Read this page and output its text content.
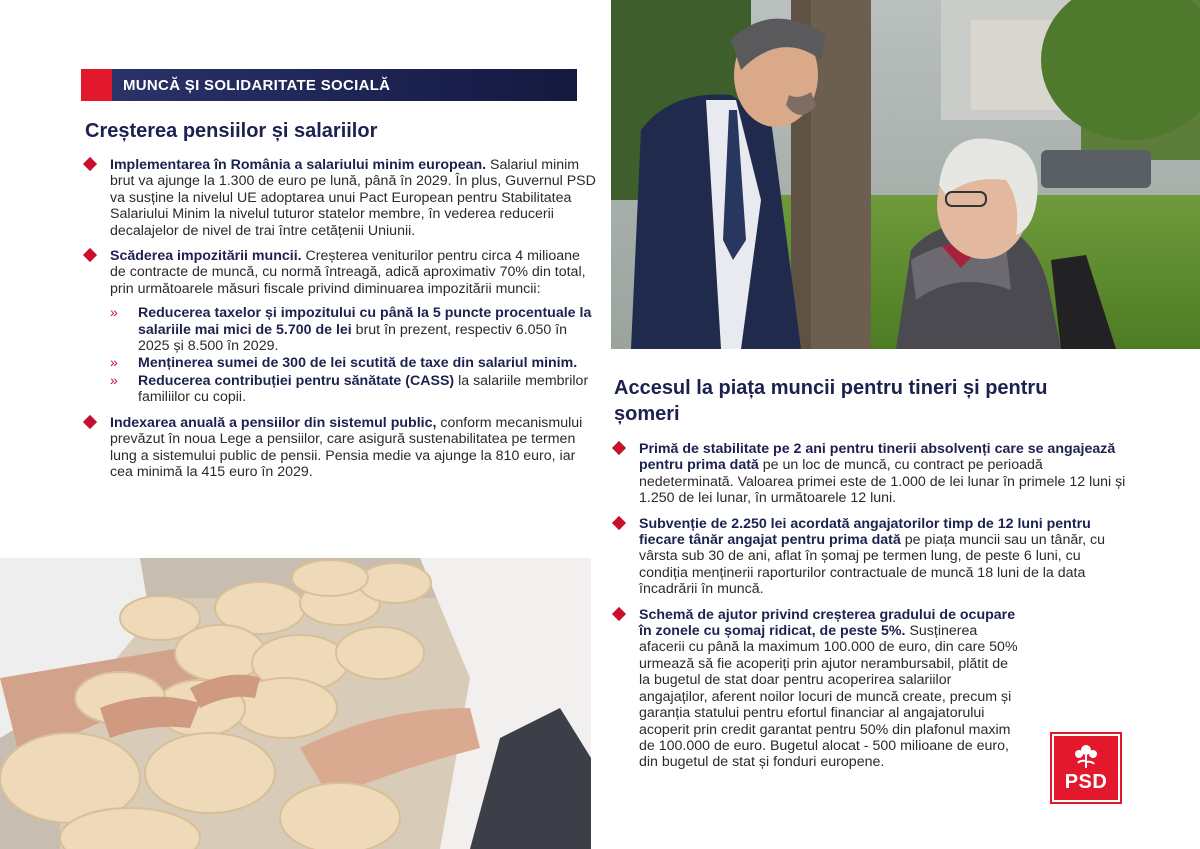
MUNCĂ ȘI SOLIDARITATE SOCIALĂ
Creșterea pensiilor și salariilor
Implementarea în România a salariului minim european. Salariul minim brut va ajunge la 1.300 de euro pe lună, până în 2029. În plus, Guvernul PSD va susține la nivelul UE adoptarea unui Pact European pentru Stabilitatea Salariului Minim la nivelul tuturor statelor membre, în vederea reducerii decalajelor de nivel de trai între cetățenii Uniunii.
Scăderea impozitării muncii. Creșterea veniturilor pentru circa 4 milioane de contracte de muncă, cu normă întreagă, adică aproximativ 70% din total, prin următoarele măsuri fiscale privind diminuarea impozitării muncii:
» Reducerea taxelor și impozitului cu până la 5 puncte procentuale la salariile mai mici de 5.700 de lei brut în prezent, respectiv 6.050 în 2025 și 8.500 în 2029.
» Menținerea sumei de 300 de lei scutită de taxe din salariul minim.
» Reducerea contribuției pentru sănătate (CASS) la salariile membrilor familiilor cu copii.
Indexarea anuală a pensiilor din sistemul public, conform mecanismului prevăzut în noua Lege a pensiilor, care asigură sustenabilitatea pe termen lung a sistemului public de pensii. Pensia medie va ajunge la 810 euro, iar cea minimă la 415 euro în 2029.
Accesul la piața muncii pentru tineri și pentru șomeri
Primă de stabilitate pe 2 ani pentru tinerii absolvenți care se angajează pentru prima dată pe un loc de muncă, cu contract pe perioadă nedeterminată. Valoarea primei este de 1.000 de lei lunar în primele 12 luni și 1.250 de lei lunar, în următoarele 12 luni.
Subvenție de 2.250 lei acordată angajatorilor timp de 12 luni pentru fiecare tânăr angajat pentru prima dată pe piața muncii sau un tânăr, cu vârsta sub 30 de ani, aflat în șomaj pe termen lung, de peste 6 luni, cu condiția menținerii raporturilor contractuale de muncă 18 luni de la data încadrării în muncă.
Schemă de ajutor privind creșterea gradului de ocupare în zonele cu șomaj ridicat, de peste 5%. Susținerea afacerii cu până la maximum 100.000 de euro, din care 50% urmează să fie acoperiți prin ajutor nerambursabil, plătit de la bugetul de stat doar pentru acoperirea salariilor angajaților, aferent noilor locuri de muncă create, precum și garanția statului pentru efortul financiar al angajatorului acoperit prin credit garantat pentru 50% din plafonul maxim de 100.000 de euro. Bugetul alocat - 500 milioane de euro, din bugetul de stat și fonduri europene.
PSD
